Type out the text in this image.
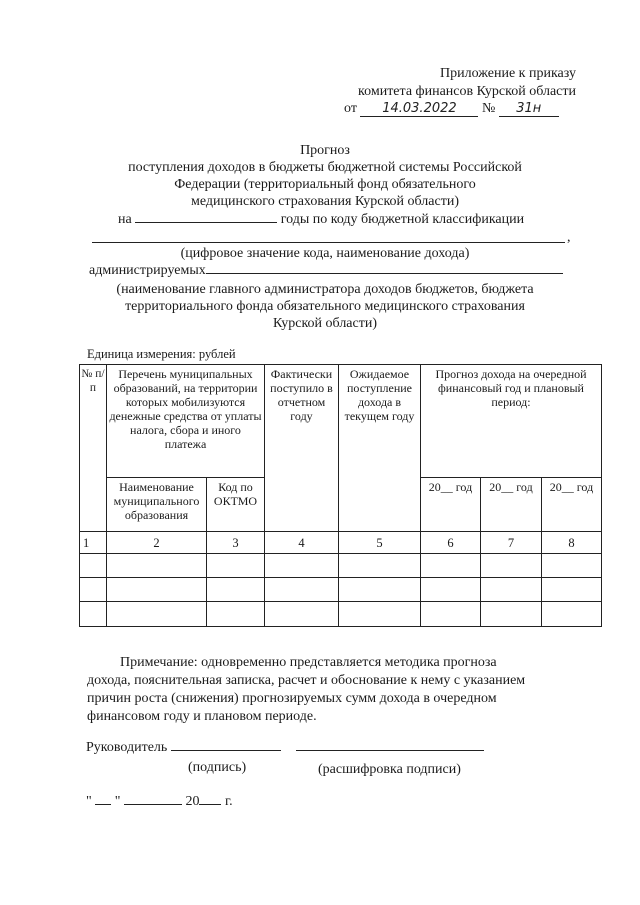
Приложение к приказу
комитета финансов Курской области
от 14.03.2022 № 31н
Прогноз
поступления доходов в бюджеты бюджетной системы Российской
Федерации (территориальный фонд обязательного
медицинского страхования Курской области)
на	годы по коду бюджетной классификации
,
(цифровое значение кода, наименование дохода)
администрируемых
(наименование главного администратора доходов бюджетов, бюджета
территориального фонда обязательного медицинского страхования
Курской области)
Единица измерения: рублей
№ п/п	Перечень муниципальных образований, на территории которых мобилизуются денежные средства от уплаты налога, сбора и иного платежа		Фактически поступило в отчетном году	Ожидаемое поступление дохода в текущем году	Прогноз дохода на очередной финансовый год и плановый период:		
	Наименование муниципального образования	Код по ОКТМО			20__ год	20__ год	20__ год
1	2	3	4	5	6	7	8

Примечание: одновременно представляется методика прогноза
дохода, пояснительная записка, расчет и обоснование к нему с указанием
причин роста (снижения) прогнозируемых сумм дохода в очередном
финансовом году и плановом периоде.
Руководитель
(подпись)	(расшифровка подписи)
" "	20 г.
